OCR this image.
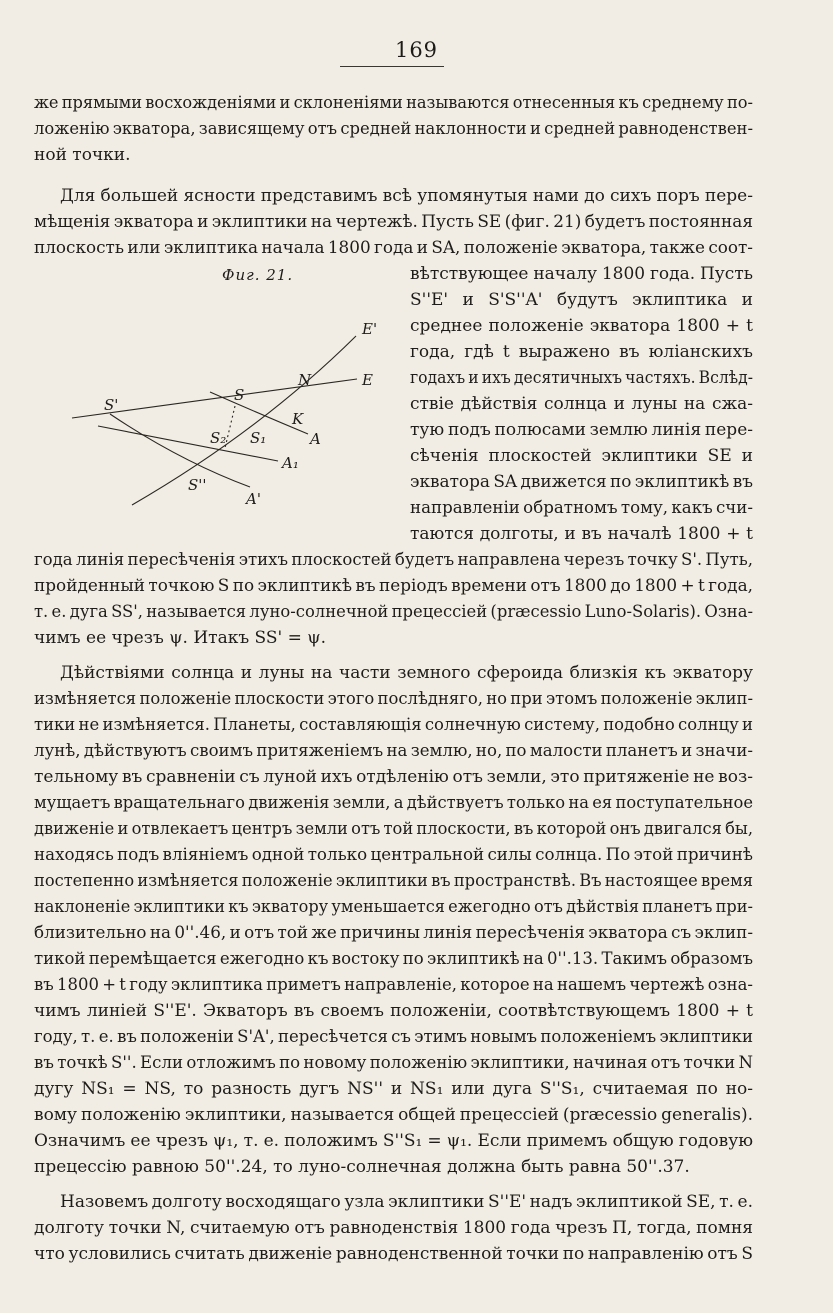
169
Фиг. 21.
E'
E
S'
S
N
K
A
S₂ S₁
A₁
S''
A'
же прямыми восхожденіями и склоненіями называются отнесенныя къ среднему по-
ложенію экватора, зависящему отъ средней наклонности и средней равноденствен-
ной точки.
Для большей ясности представимъ всѣ упомянутыя нами до сихъ поръ пере-
мѣщенія экватора и эклиптики на чертежѣ. Пусть SE (фиг. 21) будетъ постоянная
плоскость или эклиптика начала 1800 года и SA, положеніе экватора, также соот-
вѣтствующее началу 1800 года. Пусть
S''E' и S'S''A' будутъ эклиптика и
среднее положеніе экватора 1800 + t
года, гдѣ t выражено въ юліанскихъ
годахъ и ихъ десятичныхъ частяхъ. Вслѣд-
ствіе дѣйствія солнца и луны на сжа-
тую подъ полюсами землю линія пере-
сѣченія плоскостей эклиптики SE и
экватора SA движется по эклиптикѣ въ
направленіи обратномъ тому, какъ счи-
таются долготы, и въ началѣ 1800 + t
года линія пересѣченія этихъ плоскостей будетъ направлена черезъ точку S'. Путь,
пройденный точкою S по эклиптикѣ въ періодъ времени отъ 1800 до 1800 + t года,
т. е. дуга SS', называется луно-солнечной прецессіей (præcessio Luno-Solaris). Озна-
чимъ ее чрезъ ψ. Итакъ SS' = ψ.
Дѣйствіями солнца и луны на части земного сфероида близкія къ экватору
измѣняется положеніе плоскости этого послѣдняго, но при этомъ положеніе эклип-
тики не измѣняется. Планеты, составляющія солнечную систему, подобно солнцу и
лунѣ, дѣйствуютъ своимъ притяженіемъ на землю, но, по малости планетъ и значи-
тельному въ сравненіи съ луной ихъ отдѣленію отъ земли, это притяженіе не воз-
мущаетъ вращательнаго движенія земли, а дѣйствуетъ только на ея поступательное
движеніе и отвлекаетъ центръ земли отъ той плоскости, въ которой онъ двигался бы,
находясь подъ вліяніемъ одной только центральной силы солнца. По этой причинѣ
постепенно измѣняется положеніе эклиптики въ пространствѣ. Въ настоящее время
наклоненіе эклиптики къ экватору уменьшается ежегодно отъ дѣйствія планетъ при-
близительно на 0''.46, и отъ той же причины линія пересѣченія экватора съ эклип-
тикой перемѣщается ежегодно къ востоку по эклиптикѣ на 0''.13. Такимъ образомъ
въ 1800 + t году эклиптика приметъ направленіе, которое на нашемъ чертежѣ озна-
чимъ линіей S''E'. Экваторъ въ своемъ положеніи, соотвѣтствующемъ 1800 + t
году, т. е. въ положеніи S'A', пересѣчется съ этимъ новымъ положеніемъ эклиптики
въ точкѣ S''. Если отложимъ по новому положенію эклиптики, начиная отъ точки N
дугу NS₁ = NS, то разность дугъ NS'' и NS₁ или дуга S''S₁, считаемая по но-
вому положенію эклиптики, называется общей прецессіей (præcessio generalis).
Означимъ ее чрезъ ψ₁, т. е. положимъ S''S₁ = ψ₁. Если примемъ общую годовую
прецессію равною 50''.24, то луно-солнечная должна быть равна 50''.37.
Назовемъ долготу восходящаго узла эклиптики S''E' надъ эклиптикой SE, т. е.
долготу точки N, считаемую отъ равноденствія 1800 года чрезъ Π, тогда, помня
что условились считать движеніе равноденственной точки по направленію отъ S
